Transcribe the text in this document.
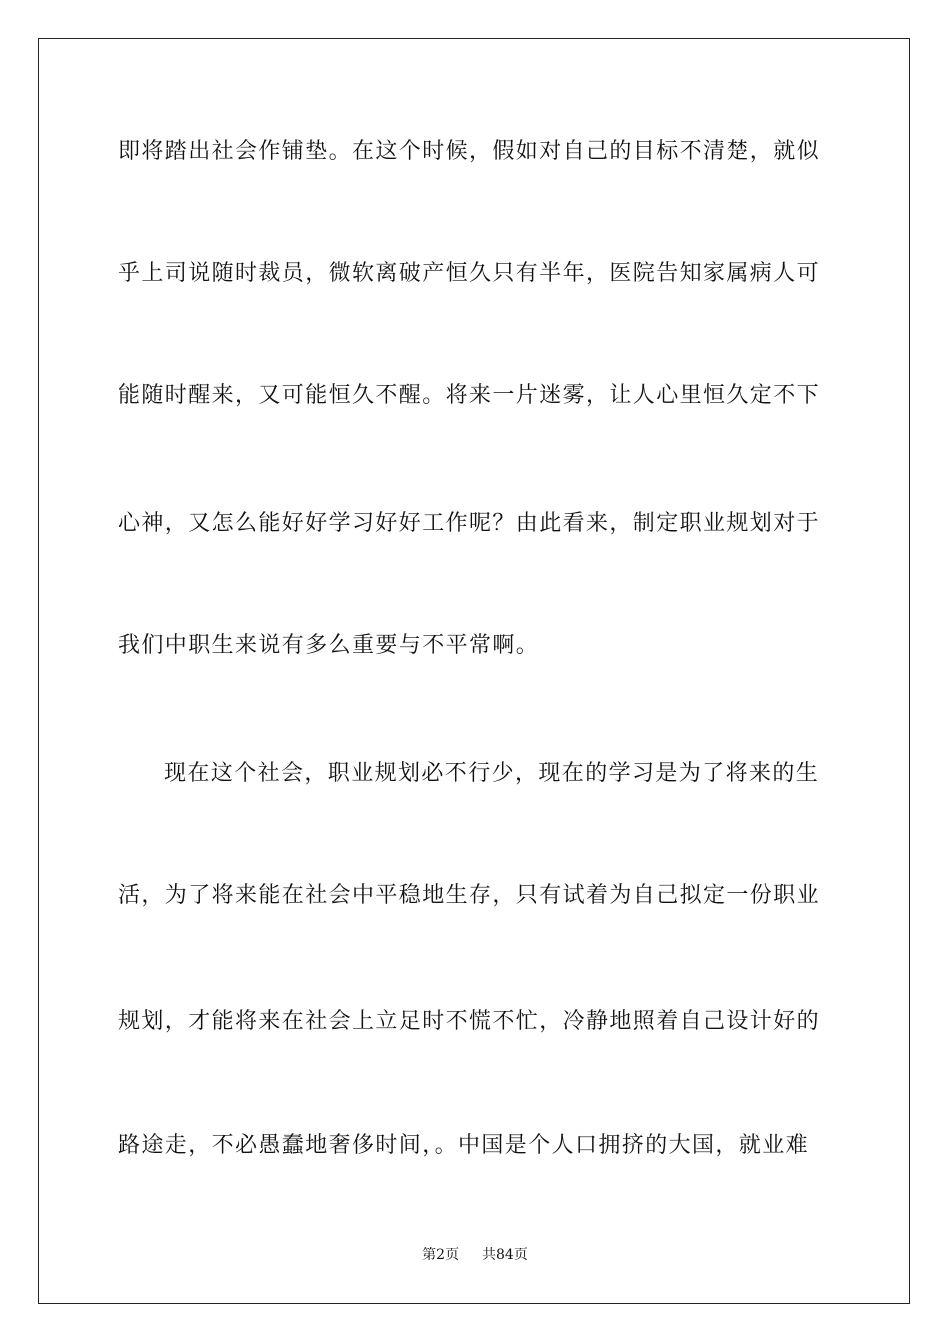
即将踏出社会作铺垫。在这个时候，假如对自己的目标不清楚，就似
乎上司说随时裁员，微软离破产恒久只有半年，医院告知家属病人可
能随时醒来，又可能恒久不醒。将来一片迷雾，让人心里恒久定不下
心神，又怎么能好好学习好好工作呢？由此看来，制定职业规划对于
我们中职生来说有多么重要与不平常啊。
现在这个社会，职业规划必不行少，现在的学习是为了将来的生
活，为了将来能在社会中平稳地生存，只有试着为自己拟定一份职业
规划，才能将来在社会上立足时不慌不忙，冷静地照着自己设计好的
路途走，不必愚蠢地奢侈时间，。中国是个人口拥挤的大国，就业难
第2页 共84页
